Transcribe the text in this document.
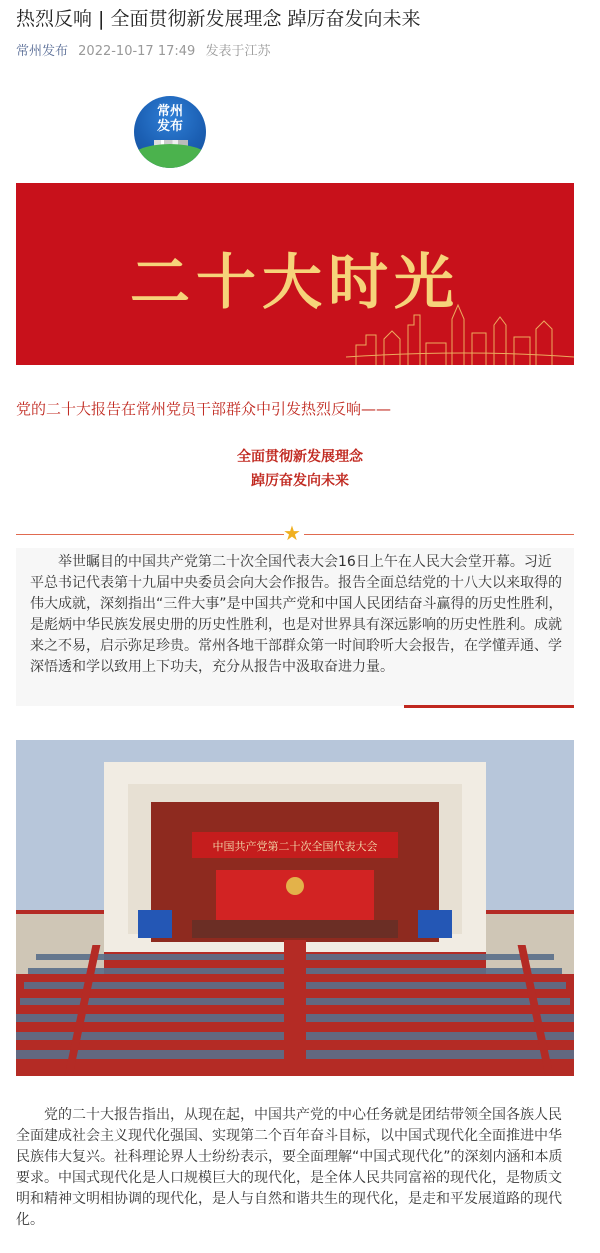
热烈反响 | 全面贯彻新发展理念 踔厉奋发向未来
常州发布 2022-10-17 17:49 发表于江苏
常州
发布
二十大时光
党的二十大报告在常州党员干部群众中引发热烈反响——
全面贯彻新发展理念
踔厉奋发向未来
★
举世瞩目的中国共产党第二十次全国代表大会16日上午在人民大会堂开幕。习近平总书记代表第十九届中央委员会向大会作报告。报告全面总结党的十八大以来取得的伟大成就，深刻指出“三件大事”是中国共产党和中国人民团结奋斗赢得的历史性胜利，是彪炳中华民族发展史册的历史性胜利，也是对世界具有深远影响的历史性胜利。成就来之不易，启示弥足珍贵。常州各地干部群众第一时间聆听大会报告，在学懂弄通、学深悟透和学以致用上下功夫，充分从报告中汲取奋进力量。
中国共产党第二十次全国代表大会
党的二十大报告指出，从现在起，中国共产党的中心任务就是团结带领全国各族人民全面建成社会主义现代化强国、实现第二个百年奋斗目标，以中国式现代化全面推进中华民族伟大复兴。社科理论界人士纷纷表示，要全面理解“中国式现代化”的深刻内涵和本质要求。中国式现代化是人口规模巨大的现代化，是全体人民共同富裕的现代化，是物质文明和精神文明相协调的现代化，是人与自然和谐共生的现代化，是走和平发展道路的现代化。
